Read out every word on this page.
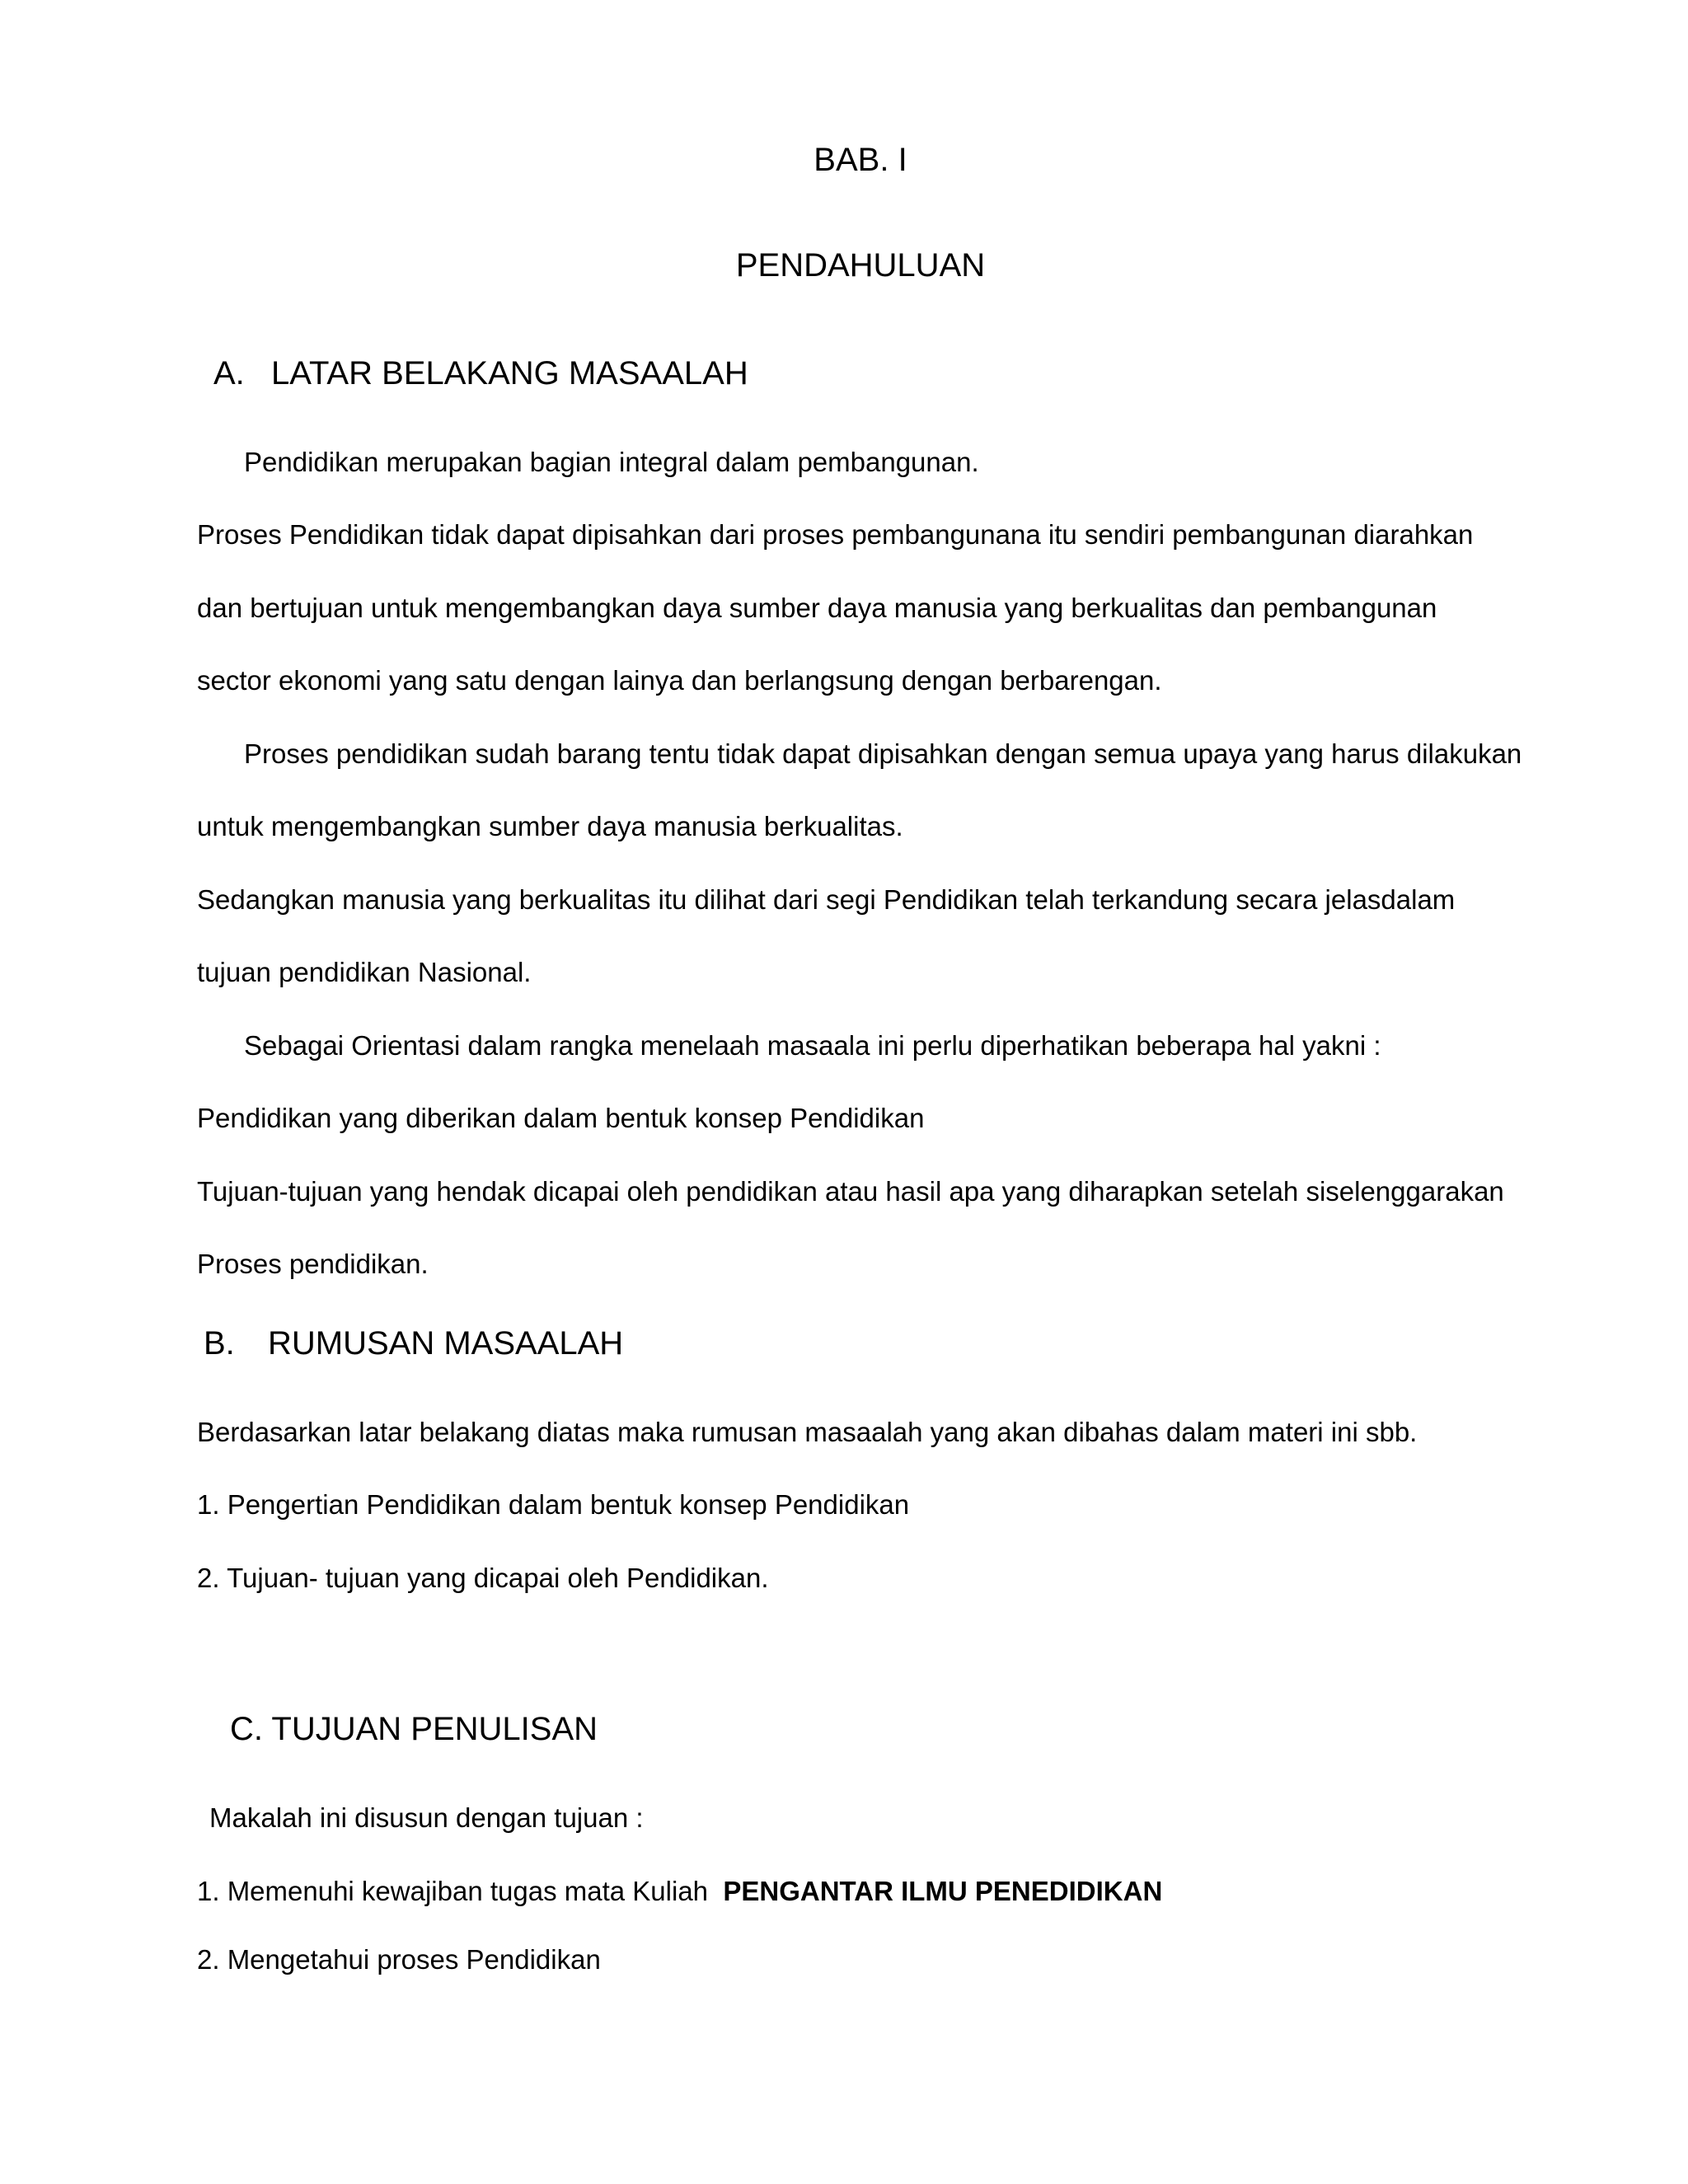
BAB. I
PENDAHULUAN
A. LATAR BELAKANG MASAALAH
Pendidikan merupakan bagian integral dalam pembangunan.
Proses Pendidikan tidak dapat dipisahkan dari proses pembangunana itu sendiri pembangunan diarahkan
dan bertujuan untuk mengembangkan daya sumber daya manusia yang berkualitas dan pembangunan
sector ekonomi yang satu dengan lainya dan berlangsung dengan berbarengan.
Proses pendidikan sudah barang tentu tidak dapat dipisahkan dengan semua upaya yang harus dilakukan
untuk mengembangkan sumber daya manusia berkualitas.
Sedangkan manusia yang berkualitas itu dilihat dari segi Pendidikan telah terkandung secara jelasdalam
tujuan pendidikan Nasional.
Sebagai Orientasi dalam rangka menelaah masaala ini perlu diperhatikan beberapa hal yakni :
Pendidikan yang diberikan dalam bentuk konsep Pendidikan
Tujuan-tujuan yang hendak dicapai oleh pendidikan atau hasil apa yang diharapkan setelah siselenggarakan
Proses pendidikan.
B. RUMUSAN MASAALAH
Berdasarkan latar belakang diatas maka rumusan masaalah yang akan dibahas dalam materi ini sbb.
1. Pengertian Pendidikan dalam bentuk konsep Pendidikan
2. Tujuan- tujuan yang dicapai oleh Pendidikan.
C. TUJUAN PENULISAN
Makalah ini disusun dengan tujuan :
1. Memenuhi kewajiban tugas mata Kuliah PENGANTAR ILMU PENEDIDIKAN
2. Mengetahui proses Pendidikan
